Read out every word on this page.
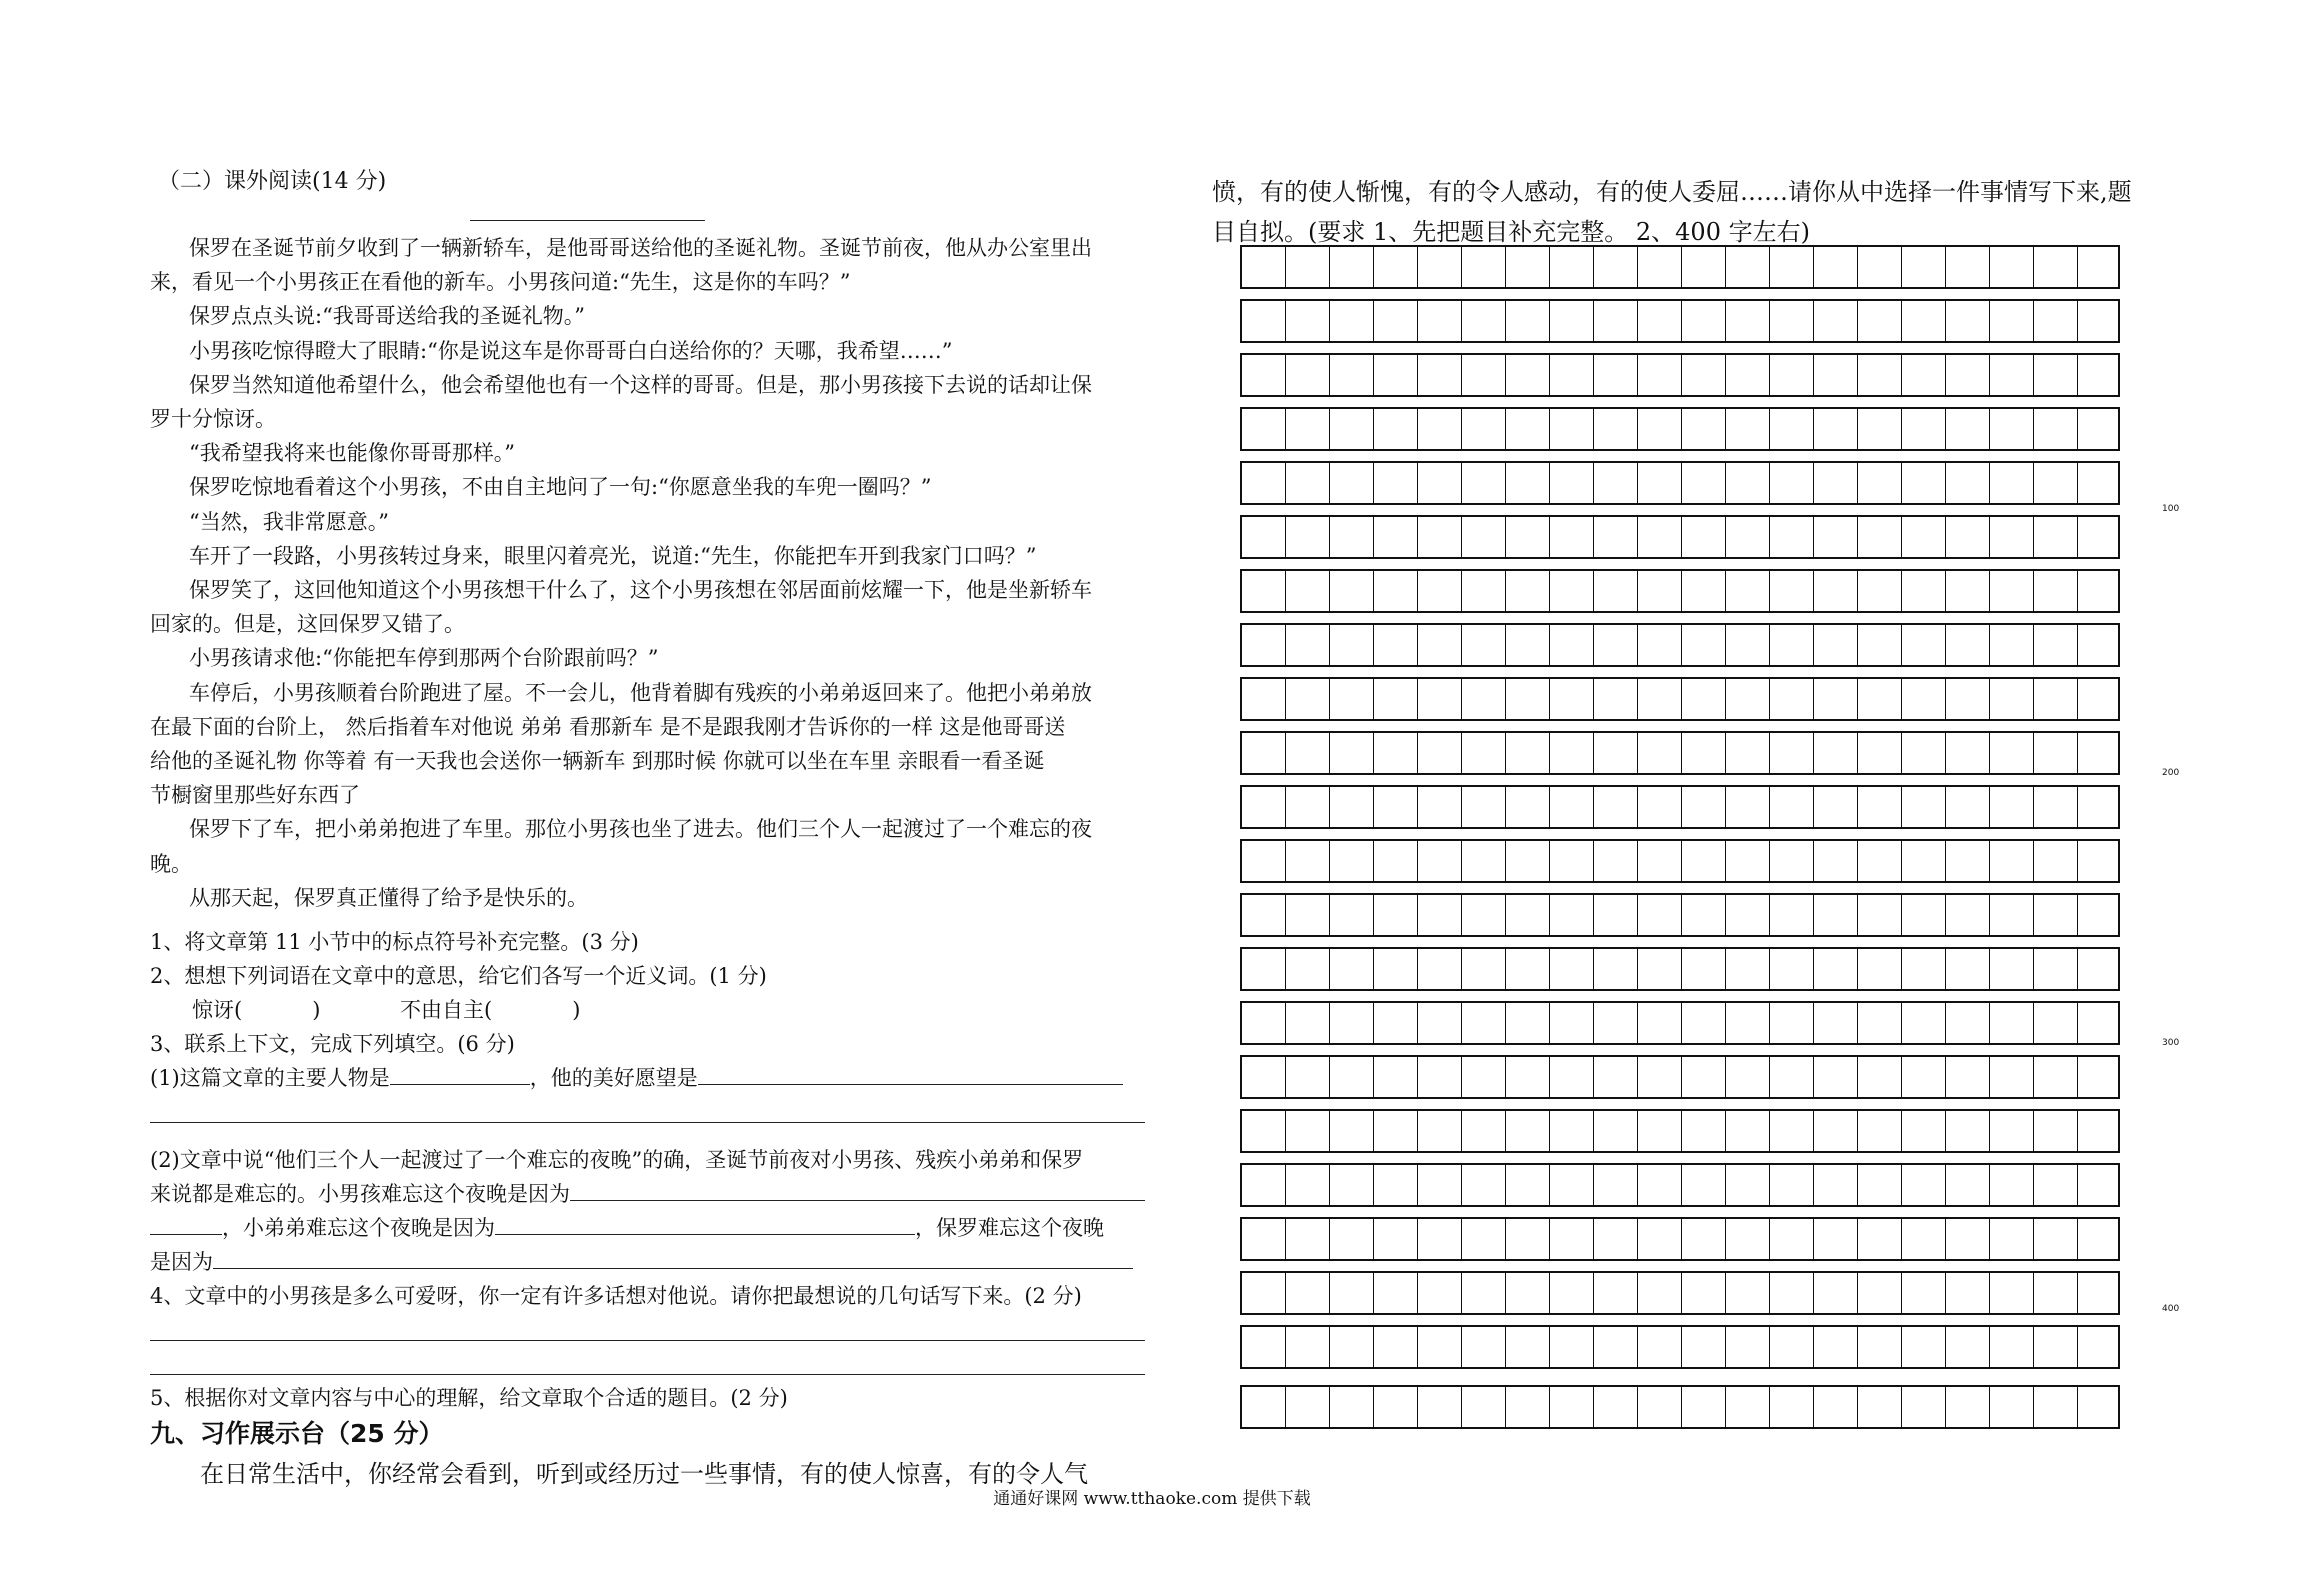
（二）课外阅读(14 分)
保罗在圣诞节前夕收到了一辆新轿车，是他哥哥送给他的圣诞礼物。圣诞节前夜，他从办公室里出
来，看见一个小男孩正在看他的新车。小男孩问道:“先生，这是你的车吗？”
保罗点点头说:“我哥哥送给我的圣诞礼物。”
小男孩吃惊得瞪大了眼睛:“你是说这车是你哥哥白白送给你的？天哪，我希望……”
保罗当然知道他希望什么，他会希望他也有一个这样的哥哥。但是，那小男孩接下去说的话却让保
罗十分惊讶。
“我希望我将来也能像你哥哥那样。”
保罗吃惊地看着这个小男孩，不由自主地问了一句:“你愿意坐我的车兜一圈吗？”
“当然，我非常愿意。”
车开了一段路，小男孩转过身来，眼里闪着亮光，说道:“先生，你能把车开到我家门口吗？”
保罗笑了，这回他知道这个小男孩想干什么了，这个小男孩想在邻居面前炫耀一下，他是坐新轿车
回家的。但是，这回保罗又错了。
小男孩请求他:“你能把车停到那两个台阶跟前吗？”
车停后，小男孩顺着台阶跑进了屋。不一会儿，他背着脚有残疾的小弟弟返回来了。他把小弟弟放
在最下面的台阶上， 然后指着车对他说 弟弟 看那新车 是不是跟我刚才告诉你的一样 这是他哥哥送
给他的圣诞礼物 你等着 有一天我也会送你一辆新车 到那时候 你就可以坐在车里 亲眼看一看圣诞
节橱窗里那些好东西了
保罗下了车，把小弟弟抱进了车里。那位小男孩也坐了进去。他们三个人一起渡过了一个难忘的夜
晚。
从那天起，保罗真正懂得了给予是快乐的。
1、将文章第 11 小节中的标点符号补充完整。(3 分)
2、想想下列词语在文章中的意思，给它们各写一个近义词。(1 分)
惊讶(	)	不由自主(	)
3、联系上下文，完成下列填空。(6 分)
(1)这篇文章的主要人物是	，他的美好愿望是
(2)文章中说“他们三个人一起渡过了一个难忘的夜晚”的确，圣诞节前夜对小男孩、残疾小弟弟和保罗
来说都是难忘的。小男孩难忘这个夜晚是因为
，小弟弟难忘这个夜晚是因为	，保罗难忘这个夜晚
是因为
4、文章中的小男孩是多么可爱呀，你一定有许多话想对他说。请你把最想说的几句话写下来。(2 分)
5、根据你对文章内容与中心的理解，给文章取个合适的题目。(2 分)
九、习作展示台（25 分）
在日常生活中，你经常会看到，听到或经历过一些事情，有的使人惊喜，有的令人气
愤，有的使人惭愧，有的令人感动，有的使人委屈……请你从中选择一件事情写下来,题
目自拟。(要求 1、先把题目补充完整。 2、400 字左右)
100
200
300
400
通通好课网 www.tthaoke.com 提供下载
